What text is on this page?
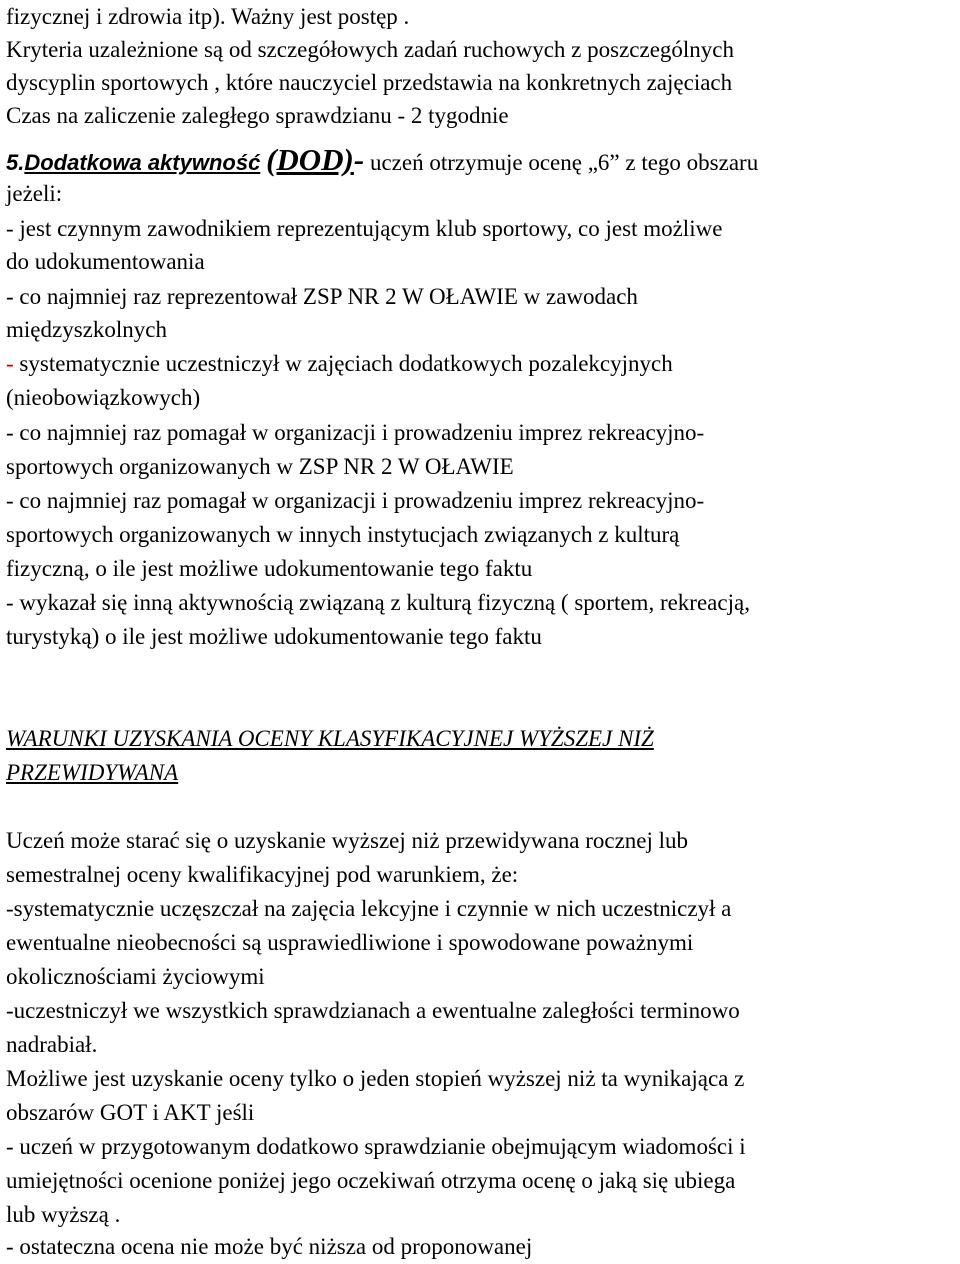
fizycznej i zdrowia itp). Ważny jest postęp .
Kryteria uzależnione są od szczegółowych zadań ruchowych z poszczególnych
dyscyplin sportowych , które nauczyciel przedstawia na konkretnych zajęciach
Czas na zaliczenie zaległego sprawdzianu - 2 tygodnie
5.Dodatkowa aktywność (DOD)- uczeń otrzymuje ocenę „6” z tego obszaru
jeżeli:
- jest czynnym zawodnikiem reprezentującym klub sportowy, co jest możliwe
do udokumentowania
- co najmniej raz reprezentował ZSP NR 2 W OŁAWIE w zawodach
międzyszkolnych
- systematycznie uczestniczył w zajęciach dodatkowych pozalekcyjnych
(nieobowiązkowych)
- co najmniej raz pomagał w organizacji i prowadzeniu imprez rekreacyjno-
sportowych organizowanych w ZSP NR 2 W OŁAWIE
- co najmniej raz pomagał w organizacji i prowadzeniu imprez rekreacyjno-
sportowych organizowanych w innych instytucjach związanych z kulturą
fizyczną, o ile jest możliwe udokumentowanie tego faktu
- wykazał się inną aktywnością związaną z kulturą fizyczną ( sportem, rekreacją,
turystyką) o ile jest możliwe udokumentowanie tego faktu
WARUNKI UZYSKANIA OCENY KLASYFIKACYJNEJ WYŻSZEJ NIŻ
PRZEWIDYWANA
Uczeń może starać się o uzyskanie wyższej niż przewidywana rocznej lub
semestralnej oceny kwalifikacyjnej pod warunkiem, że:
-systematycznie uczęszczał na zajęcia lekcyjne i czynnie w nich uczestniczył a
ewentualne nieobecności są usprawiedliwione i spowodowane poważnymi
okolicznościami życiowymi
-uczestniczył we wszystkich sprawdzianach a ewentualne zaległości terminowo
nadrabiał.
Możliwe jest uzyskanie oceny tylko o jeden stopień wyższej niż ta wynikająca z
obszarów GOT i AKT jeśli
- uczeń w przygotowanym dodatkowo sprawdzianie obejmującym wiadomości i
umiejętności ocenione poniżej jego oczekiwań otrzyma ocenę o jaką się ubiega
lub wyższą .
- ostateczna ocena nie może być niższa od proponowanej
